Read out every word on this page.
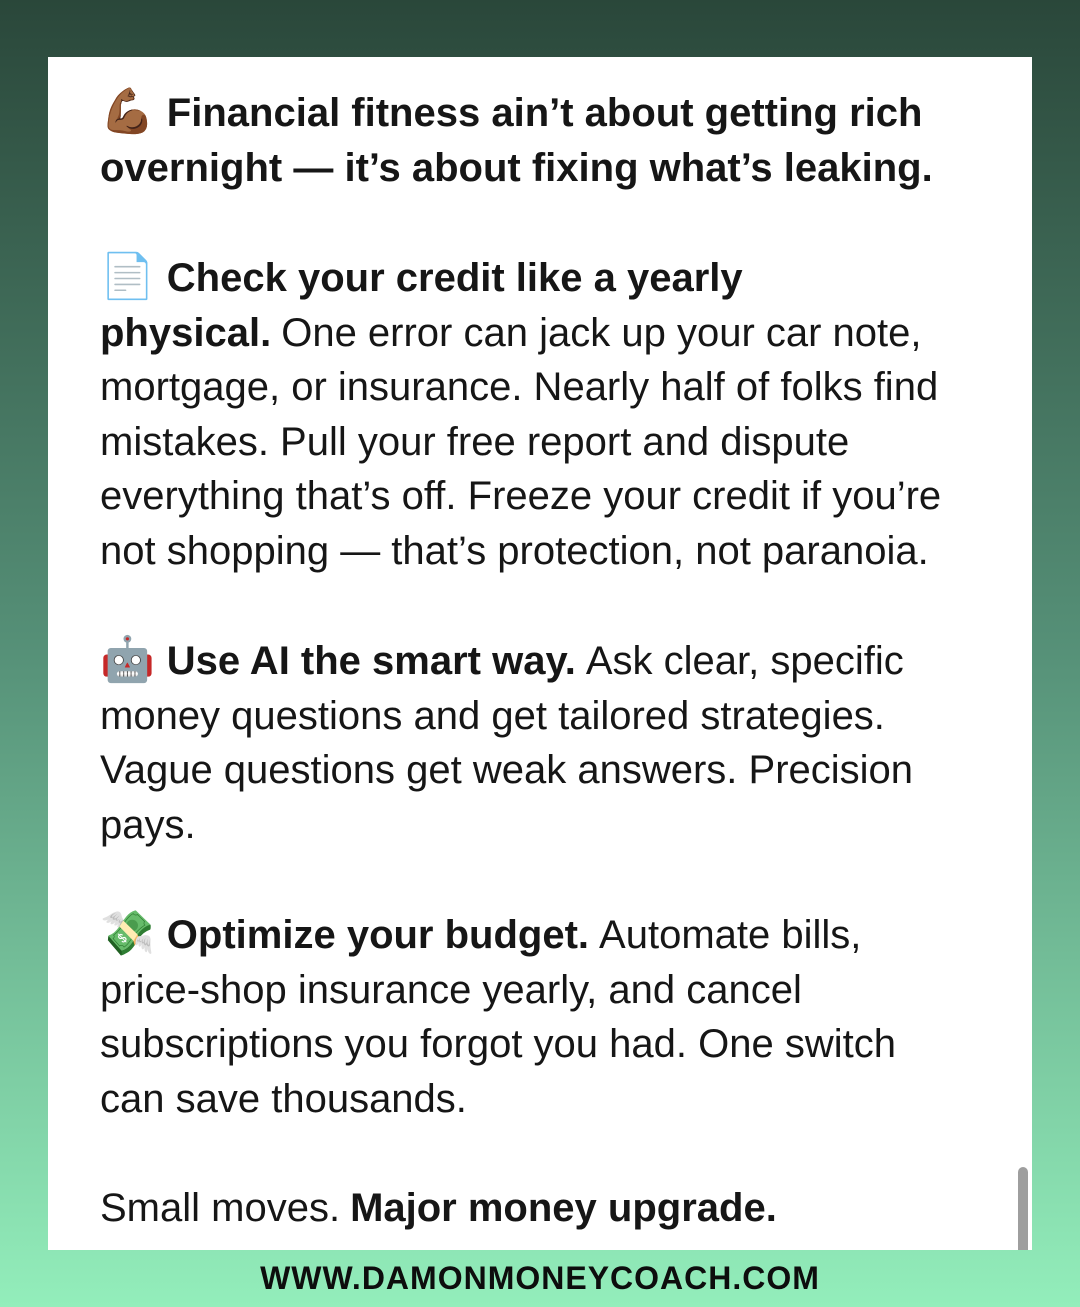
💪🏾 Financial fitness ain’t about getting rich overnight — it’s about fixing what’s leaking.

📄 Check your credit like a yearly physical. One error can jack up your car note, mortgage, or insurance. Nearly half of folks find mistakes. Pull your free report and dispute everything that’s off. Freeze your credit if you’re not shopping — that’s protection, not paranoia.

🤖 Use AI the smart way. Ask clear, specific money questions and get tailored strategies. Vague questions get weak answers. Precision pays.

💸 Optimize your budget. Automate bills, price-shop insurance yearly, and cancel subscriptions you forgot you had. One switch can save thousands.

Small moves. Major money upgrade.

WWW.DAMONMONEYCOACH.COM
